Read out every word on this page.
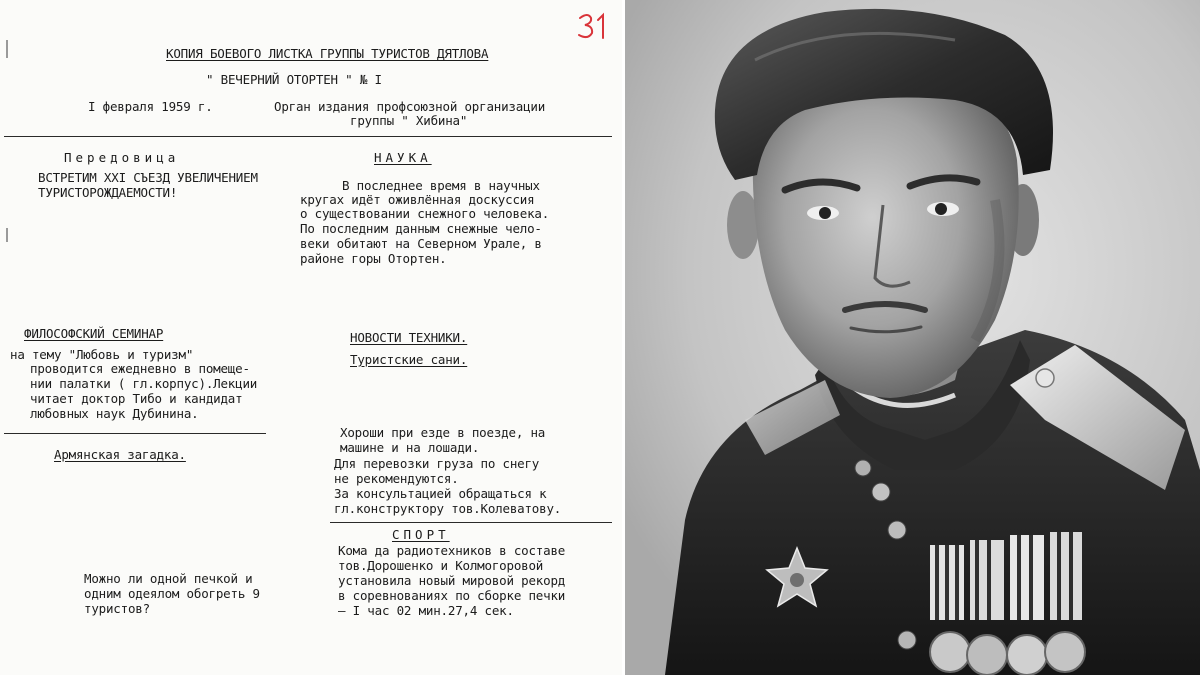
КОПИЯ БОЕВОГО ЛИСТКА ГРУППЫ ТУРИСТОВ ДЯТЛОВА
" ВЕЧЕРНИЙ ОТОРТЕН " № I
I февраля 1959 г.	Орган издания профсоюзной организации
группы " Хибина"
Передовица
ВСТРЕТИМ ХХI СЪЕЗД УВЕЛИЧЕНИЕМ
ТУРИСТОРОЖДАЕМОСТИ!
НАУКА
В последнее время в научных
кругах идёт оживлённая доскуссия
о существовании снежного человека.
По последним данным снежные чело-
веки обитают на Северном Урале, в
районе горы Отортен.
ФИЛОСОФСКИЙ СЕМИНАР
на тему "Любовь и туризм"
проводится ежедневно в помеще-
нии палатки ( гл.корпус).Лекции
читает доктор Тибо и кандидат
любовных наук Дубинина.
Армянская загадка.
Можно ли одной печкой и
одним одеялом обогреть 9
туристов?
НОВОСТИ ТЕХНИКИ.
Туристские сани.
Хороши при езде в поезде, на
машине и на лошади.
Для перевозки груза по снегу
не рекомендуются.
За консультацией обращаться к
гл.конструктору тов.Колеватову.
СПОРТ
Кома да радиотехников в составе
тов.Дорошенко и Колмогоровой
установила новый мировой рекорд
в соревнованиях по сборке печки
– I час 02 мин.27,4 сек.
